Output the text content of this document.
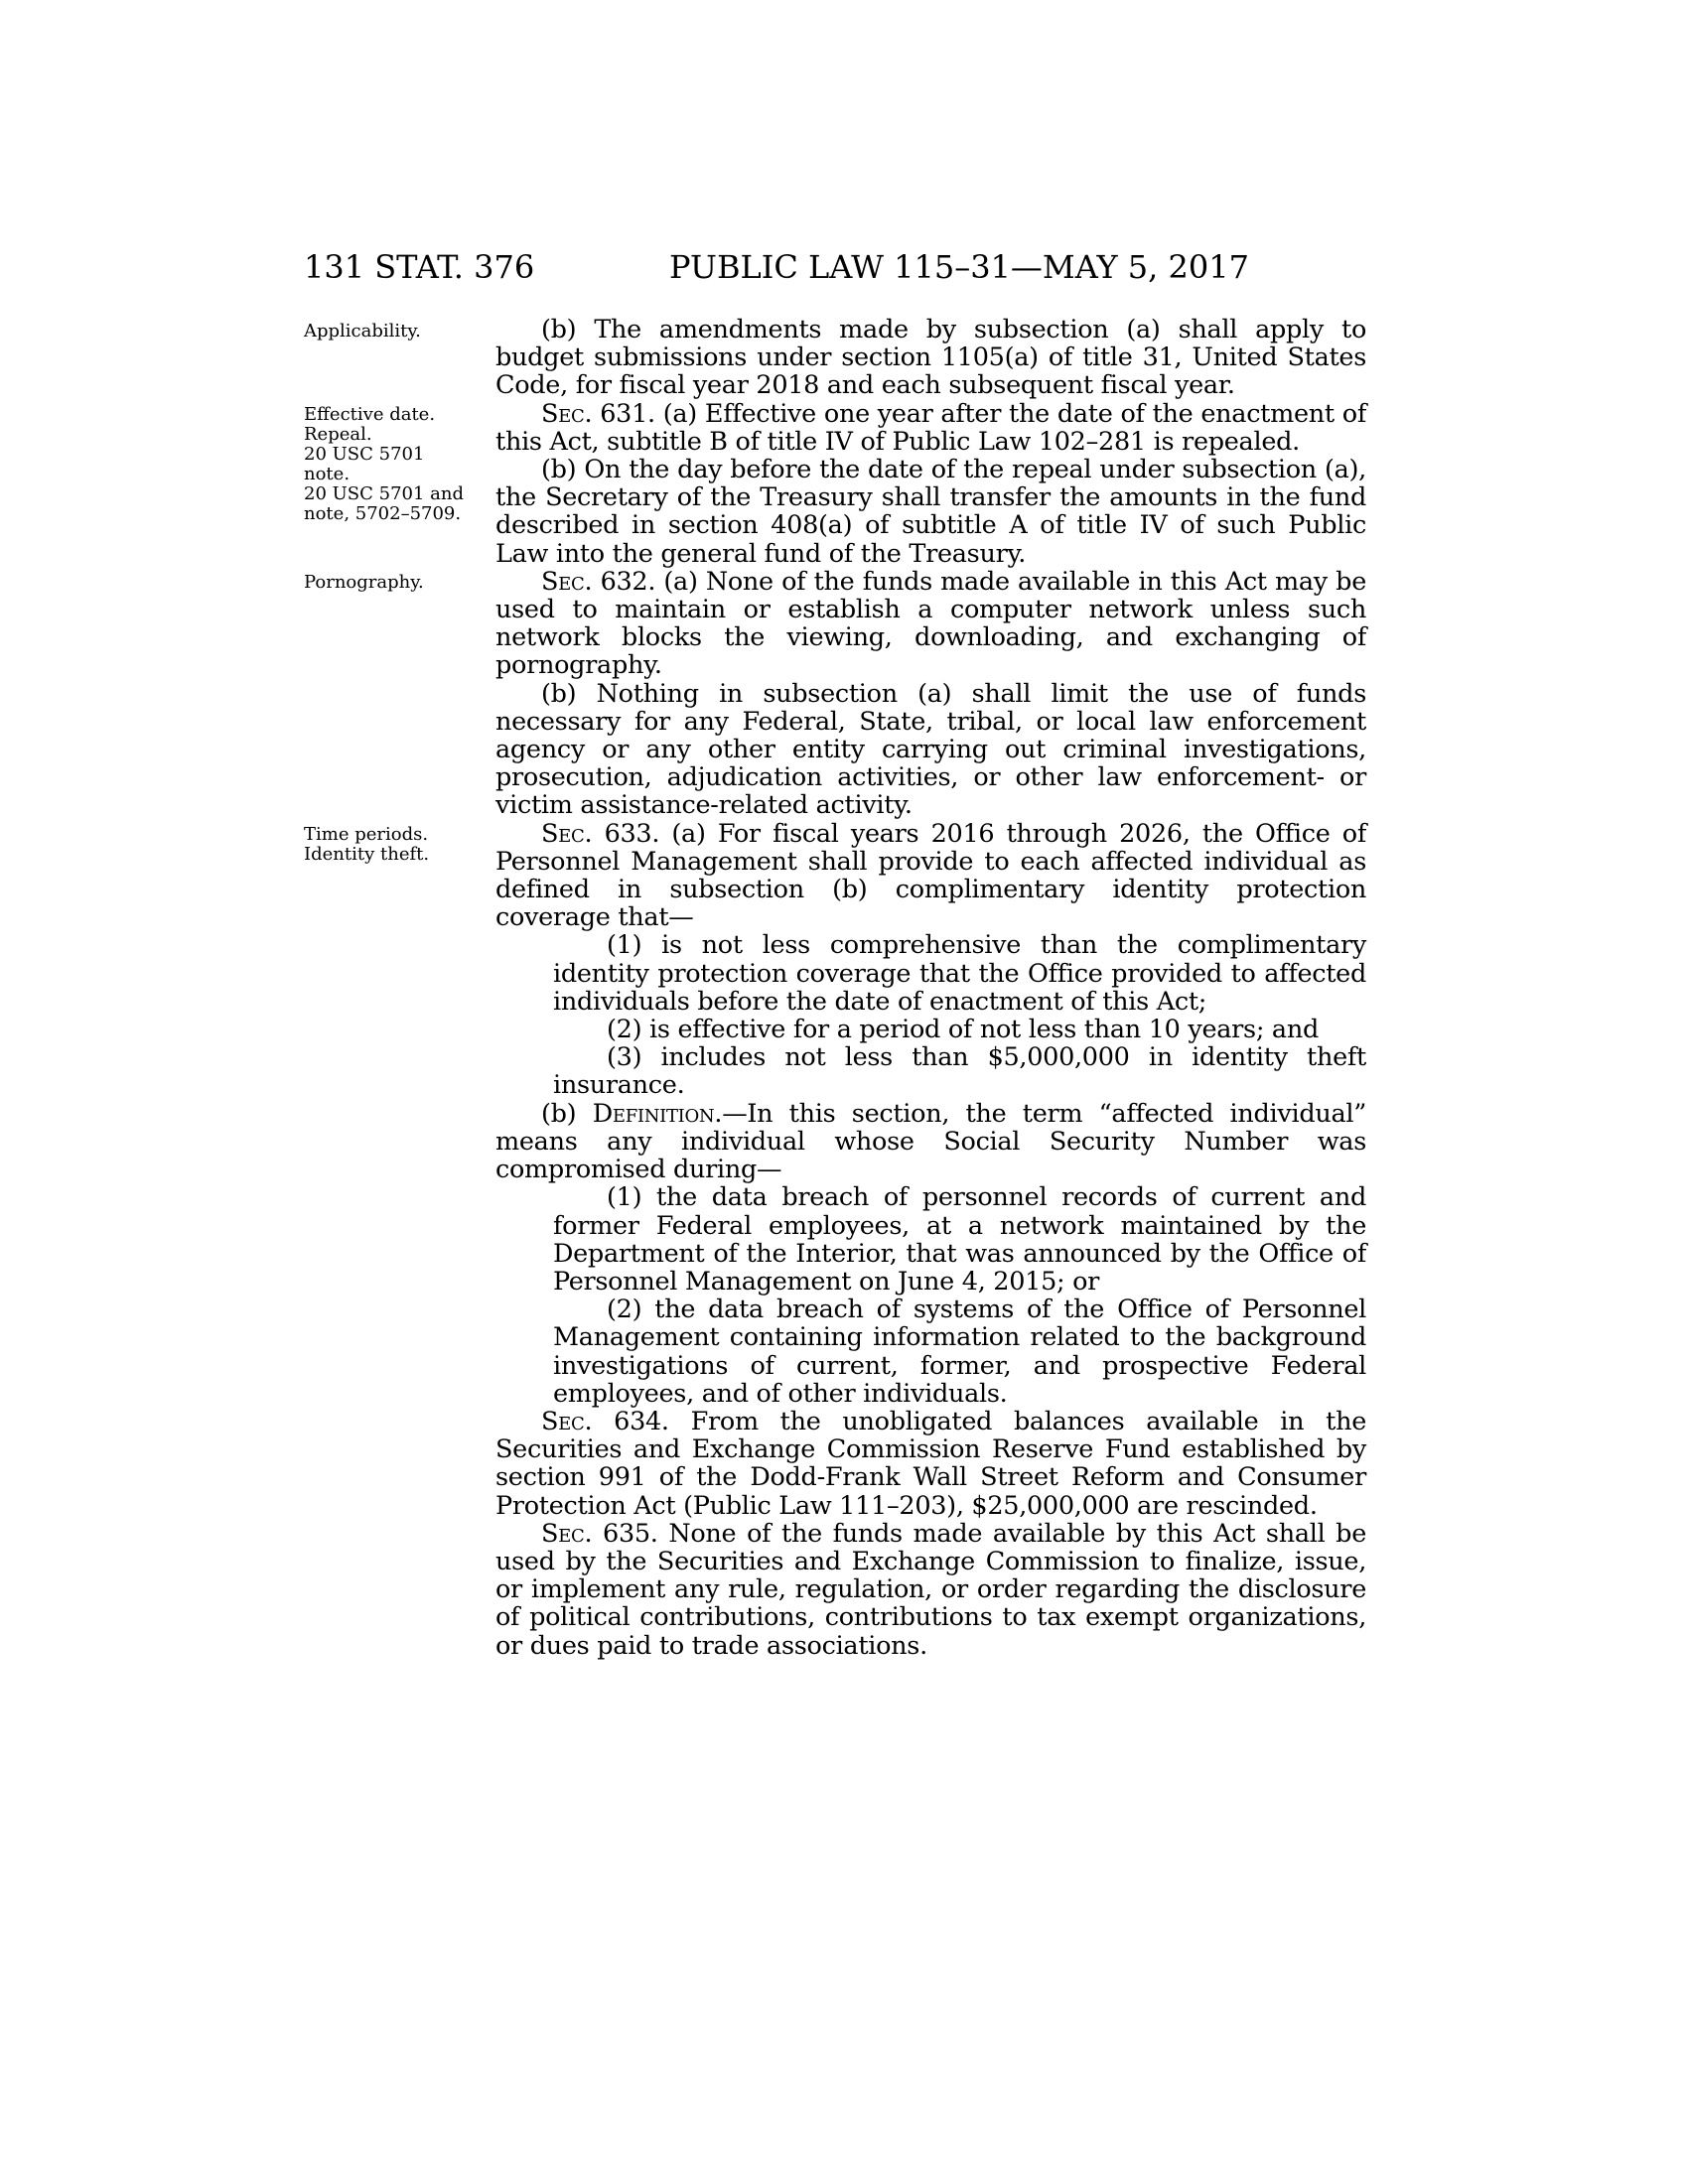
131 STAT. 376	PUBLIC LAW 115–31—MAY 5, 2017
Applicability.
Effective date.
Repeal.
20 USC 5701
note.
20 USC 5701 and
note, 5702–5709.
Pornography.
Time periods.
Identity theft.

(b) The amendments made by subsection (a) shall apply to budget submissions under section 1105(a) of title 31, United States Code, for fiscal year 2018 and each subsequent fiscal year.

Sec. 631. (a) Effective one year after the date of the enactment of this Act, subtitle B of title IV of Public Law 102–281 is repealed.

(b) On the day before the date of the repeal under subsection (a), the Secretary of the Treasury shall transfer the amounts in the fund described in section 408(a) of subtitle A of title IV of such Public Law into the general fund of the Treasury.

Sec. 632. (a) None of the funds made available in this Act may be used to maintain or establish a computer network unless such network blocks the viewing, downloading, and exchanging of pornography.

(b) Nothing in subsection (a) shall limit the use of funds necessary for any Federal, State, tribal, or local law enforcement agency or any other entity carrying out criminal investigations, prosecution, adjudication activities, or other law enforcement- or victim assistance-related activity.

Sec. 633. (a) For fiscal years 2016 through 2026, the Office of Personnel Management shall provide to each affected individual as defined in subsection (b) complimentary identity protection coverage that—

(1) is not less comprehensive than the complimentary identity protection coverage that the Office provided to affected individuals before the date of enactment of this Act;

(2) is effective for a period of not less than 10 years; and

(3) includes not less than $5,000,000 in identity theft insurance.

(b) Definition.—In this section, the term “affected individual” means any individual whose Social Security Number was compromised during—

(1) the data breach of personnel records of current and former Federal employees, at a network maintained by the Department of the Interior, that was announced by the Office of Personnel Management on June 4, 2015; or

(2) the data breach of systems of the Office of Personnel Management containing information related to the background investigations of current, former, and prospective Federal employees, and of other individuals.

Sec. 634. From the unobligated balances available in the Securities and Exchange Commission Reserve Fund established by section 991 of the Dodd-Frank Wall Street Reform and Consumer Protection Act (Public Law 111–203), $25,000,000 are rescinded.

Sec. 635. None of the funds made available by this Act shall be used by the Securities and Exchange Commission to finalize, issue, or implement any rule, regulation, or order regarding the disclosure of political contributions, contributions to tax exempt organizations, or dues paid to trade associations.
